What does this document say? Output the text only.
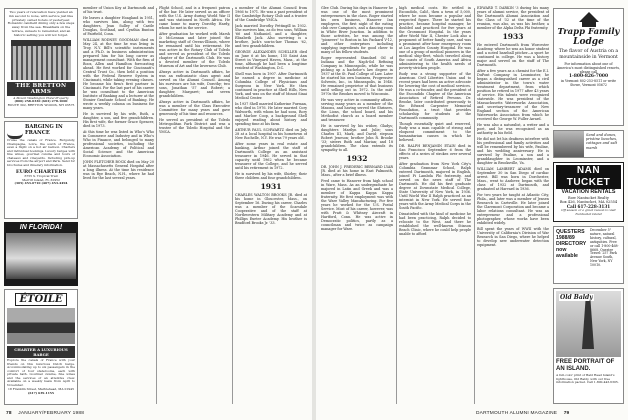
Two years of renovation have yielded an inn second to none, with service just like privately owned hotels of yesteryear. Romantic candlelit dining only a few steps away from the sea. Breakfasts on the terrace, sunsets to remember, and an historic setting you will not forget.

THE BRETTON ARMS

A Mount Washington Hotel Property

(800) 258-0330 (603) 278-1000

ROUTE 302, BRETTON WOODS, NH 03575

BARGING IN FRANCE

Cruise the canals of France. Burgundy, Champagne, Loire, the south of France, even a flight on a hot air balloon. Charters and individual bookings. Luxury barges with fine wines, gourmet cuisine and tours of chateaux and vineyards. Including pick-up services from the airport and Paris. Send for brochures and itinerary information.

EURO CHARTERS

6755 S. Tropical Trail

Merritt Island, FL 32952

(305) 453-0710 (407) 453-4494

IN FLORIDA!
ÉTOILE
CHARTER A LUXURIOUS BARGE

Explore the canals of France with your friends on this luxurious Dutch barge. Accommodating up to six passengers in the comfort of four staterooms, each with private bath. Gourmet cuisine, fine wines and the services of an attentive crew. Available on a weekly basis from April to November.

18 Franklin Street, Marblehead, MA 01945

(617) 639-1155

member of Union Key at Dartmouth and of his trust.

He leaves a daughter Hoagland in 1951, who survives him, along with two daughters, Jean Sulley of Castle Douglas, Scotland, and Cynthia Bunton of Fairfield, Conn.

WILLIAM RODNEY GOODMAN died on May 24, at the time he was living in Troy, N.Y. Bill's scientific instruments and a Ph.D. in business administration prepared him for his long career as management consultant. With the firm of Booz, Allen and Hamilton forecasting ahead. He first worked for Cincinnati's Central Trust Co., then held a position with the Federal Reserve System in Cincinnati, while taking evening classes. He became his firm's first partner in Cincinnati. For the last part of his career he was consultant to the American Institute of Banking and a lecturer at the Stonier Graduate School of Banking. He wrote a weekly column on business for many years.

He is survived by his wife, Ruth, a daughter, a son, and five grandchildren. His first wife, the former Grace Spencer, died in 1973.

At this time he was listed in Who's Who in Commerce and Industry and in Who's Who in Finance, and belonged to many professional societies, including the American Academy of Political and Social Science and the American Economic Association.

JOHN FLETCHER BOCK died on May 20 at Massachusetts General Hospital after a long illness. At the time his residence was in Rye Beach, N.H., where he had lived for the last several years.

Flight School, and is a frequent patron of the bar. He later served as an officer with the U.S. Army during World War II and was stationed in North Africa. He came home to marry Dorothy Hardy, whom he met in the service.

After graduation he worked with Marsh & McLennan and later joined the marketing staff of Owens-Illinois, where he remained until his retirement. He was active in the Rotary Club of Toledo and served as president of the Toledo chapter of the Dartmouth Club. He was a devoted member of the Toledo Museum of Art and the Inverness Club.

Always active in Dartmouth affairs, he was an enthusiastic class agent and served on the Alumni Council. Among his survivors are his wife, Dorothy; two sons, Jonathan '57 and Robert; a daughter, Margaret; and seven grandchildren.

Always active in Dartmouth affairs, he was a member of the Class Executive Committee for many years and gave generously of his time and resources.

He served as president of the Toledo Metropolitan Park District and was a trustee of the Toledo Hospital and the YMCA.

a member of the Alumni Council from 1966 to 1971. He was a past president of the Cambridge Rotary Club and a trustee of the Cambridge YMCA.

Jack married Dorothy Pettingill in 1932. She survives him, as do two sons, William '66 and Nathaniel, and a daughter, Elizabeth Jack. Also surviving is a brother, Jack's son-in-law Thomas '62, and two grandchildren.

GEORGE ALEXANDER SCHILLER died on June 6 at his home, 155 Saint Ann Street in Vineyard Haven, Mass., at the time, although he had been a longtime resident of Washington, D.C.

Shell was born in 1907. After Dartmouth he earned a degree in medicine at Columbia College of Physicians and Surgeons in New York. He then continued in practice at Shell Hills, New York, and was on the staff of Mount Sinai Medical Center.

In 1937 Shell married Katherine Furman, who died in 1976. He later married Cory Walworth, with whom he had sons, Rory and Marlow Coop, a background Shell enjoyed reading about history and spending time at his farm.

ARTHUR PAUL SCHWARTZ died on July 28 at a local hospital in his hometown of New Rochelle, N.Y. He was 79 years old.

After some years in real estate and banking, Arthur joined the staff of Dartmouth College as an assistant treasurer in 1946. He served in that capacity until 1962 when he became treasurer of the College, and he served until his retirement in 1972.

He is survived by his wife, Shirley; their three children and four grandchildren.

1931

CHARLES WALTON BROOKS JR. died at his home in Gloucester, Mass., on September 16. During his career, Charles was a member of the Scarsdale Cooperative and of the staff at Northwestern Military Academy and at Phillips Exeter Academy. His brother is Bradford Brooks Jr. '33.

78 JANUARY/FEBRUARY 1988

Glee Club. During his days in Hanover he was one of the most prominent entrepreneurs in the class. Roger started his own business, Hanover Inn employees, the first night of the eating club over Campion's, and a dancing room in White River Junction. In addition to those activities, he was among the "pioneers" to Boston in his Packard V-12, and other enterprises including supplying ingredients for good cheer to many of his fellow students.

Roger represented Standard Oil of Indiana and the Naph-Sol Refining Company in Minneapolis, while he was picking up a bachelor's law degree in 1937 at the St. Paul College of Law. Later he started his own business, Progressive Solvents, Inc., in Minneapolis, in 1946. He remained proprietor of that business until selling out in 1972. In the mid-1970s the Brookes moved to Wisconsin.

He was very active in community affairs, serving many years as a member of the Masons, and having served the Shriners, the Lions, the school board, and his Methodist church as a board member and treasurer.

He is survived by his widow, Gladys; daughters Marilyn and Julie; sons Charles III, Mark, and David; stepson Robert Jeneson; brother John R. Brooke '33; sisters Ruth and Marian; and 18 grandchildren. The class extends its sympathy to all.

1932

DR. JOHN J. FREDERIC BERNARD LYAR JR. died at his home in East Falmouth, Mass., after a brief illness.

Fred came to Hanover from high school in Ware, Mass. As an undergraduate he majored in Latin and Greek and was a member of Kappa Kappa Kappa fraternity. He first employment was with the Ware Valley Manufacturing. For five years he worked for the U.S. Postal Service. Most of his career, however, was with Pratt & Whitney Aircraft in Hartford, Conn. He was active in Democratic politics, partly as a councilman and twice as campaign manager for Ware.

high medical costs. He settled in Escondido, Calif., then a town of 5,000, where he soon became a popular and respected figure. There he started his practice, became hospital manager, he doubled and practiced for five years at the Grossmont Hospital. In the years after World War II, Chester Lock also a proponent of better family care, and was a prominent after-hour emergency room at Los Angeles County Hospital. He was one of a group of medical pioneers in the medical ship-fleet, which traveled along the coasts of South America and Africa administering to the health needs of poverty-stricken people.

Rudy was a strong supporter of the American Civil Liberties Union and to recent years had been an active advocate for lowering the cost of medical services. He was a co-founder, and the president of the Escondido Chapter of the American Association of Retired Persons. Dr. Brooke, later contributed generously to the Edward Carpenter Memorial Foundation, a trust that provides scholarship for students at the Dartmouth community.

Though essentially quiet and reserved, Rudy was a man capable of strong and eloquent commitment to the humanitarian causes in which he believed.

DR. RALPH BENJAMIN ETAIN died in San Francisco September 6 from the effects of a series of strokes over several years.

After graduation from New York City's Columbia Grammar School, Ralph entered Dartmouth, majored in English, joined Pi Lambda Phi fraternity, and served on the news staff of The Dartmouth. He did his first graduate degree at Downstate Medical College, State University of New York, in 1936. Until World War II Ralph practiced as an internist in New York. He served four years with the Army Medical Corps in the South Pacific.

Dissatisfied with the kind of medicine he had been practicing, Ralph decided to relocate to the West, and there he established the well-known Stinson Beach Clinic, where he could help people unable to afford

EDWARD T. DARKIN '3 during his many years of alumni service, the president of the Dartmouth Alumni Association and the Class of '32 at the time of the reunion, was also, as was his brother, a member of the Alpha Delta Phi fraternity.

1933

He entered Dartmouth from Worcester Academy, where he was an honor student and a noted baseball pitcher—a sport he continued in college. He was a history major and served on the staff of The Dartmouth.

After a few years as a chemist for the E.I. DuPont Company in Leominster, he began a distinguished career as a civil administrator in the town's water treatment department, from which position he retired in 1977 after 43 years of service. His talents were recognized statewide. He was president of the Massachusetts Waterworks Association, and secretary-treasurer of the New England section of the American Waterworks Association from which he received the George W. Fuller Award.

He was also a naturalist, a writer and a poet, and he was recognized as an authority in his field.

He did not let his deafness interfere with his professional and family activities and will be remembered by his wife, Pauline, and his wedding anniversary. He is survived by Pauline, a son and a granddaughter in Leominster, and a daughter in Brooksville, Va.

WILLIAM LAMBERT ADAMS died on September 30 in San Diego of cardiac arrest. Bill was born in Dorchester, Mass., went to Andover, began with the class of 1932 at Dartmouth, and graduated at Harvard in 1936.

For two years he taught at Atlantic City, Phila., and later was a member of Jensen Research in Cartsville. He later joined the Claremont Corporation and became a labor relations consultant. He was an entrepreneur and a professional photographer, whose works have been exhibited widely.

Bill spent the years of WWII with the University of California's Division of War Research in San Diego, where he helped to develop new underwater detection equipment.

Trapp Family
Lodge

The flavor of Austria on a mountainside in Vermont

For information about one of America's most distinguished resorts, please call

1-800-826-7000

in Vermont 802-253-8511 or write Stowe, Vermont 05672

Sand and dunes, pristine beaches, cottages and salt marsh

NAN TUCKET
VACATION RENTALS

Bow Nantucket Realty

Box 426, Nantucket, MA 02554

Call 617-228-3131

Off season or a great reason to visit Nantucket Island

QUESTERS 1988/89 DIRECTORY now available

December 5" nature, natural history, cultural, antiquities. Free or call 1-800-468-8668. Quester Travel: 257 Park Avenue South, New York, NY 10010.

Old Baldy
FREE PORTRAIT OF AN ISLAND.

A full-color print of Bald Head Island's lighthouse, Old Baldy, with our free information packet. Call 1-800-443-6305.

DARTMOUTH ALUMNI MAGAZINE 79
